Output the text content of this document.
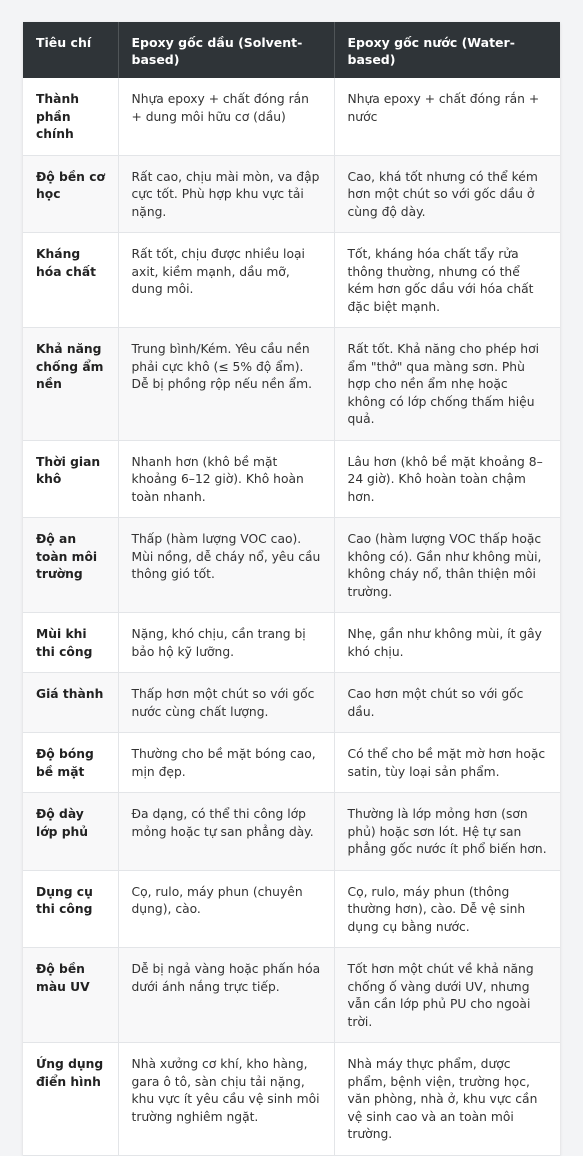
Tiêu chí	Epoxy gốc dầu (Solvent-based)	Epoxy gốc nước (Water-based)
Thành phần chính	Nhựa epoxy + chất đóng rắn + dung môi hữu cơ (dầu)	Nhựa epoxy + chất đóng rắn + nước
Độ bền cơ học	Rất cao, chịu mài mòn, va đập cực tốt. Phù hợp khu vực tải nặng.	Cao, khá tốt nhưng có thể kém hơn một chút so với gốc dầu ở cùng độ dày.
Kháng hóa chất	Rất tốt, chịu được nhiều loại axit, kiềm mạnh, dầu mỡ, dung môi.	Tốt, kháng hóa chất tẩy rửa thông thường, nhưng có thể kém hơn gốc dầu với hóa chất đặc biệt mạnh.
Khả năng chống ẩm nền	Trung bình/Kém. Yêu cầu nền phải cực khô (≤ 5% độ ẩm). Dễ bị phồng rộp nếu nền ẩm.	Rất tốt. Khả năng cho phép hơi ẩm "thở" qua màng sơn. Phù hợp cho nền ẩm nhẹ hoặc không có lớp chống thấm hiệu quả.
Thời gian khô	Nhanh hơn (khô bề mặt khoảng 6–12 giờ). Khô hoàn toàn nhanh.	Lâu hơn (khô bề mặt khoảng 8–24 giờ). Khô hoàn toàn chậm hơn.
Độ an toàn môi trường	Thấp (hàm lượng VOC cao). Mùi nồng, dễ cháy nổ, yêu cầu thông gió tốt.	Cao (hàm lượng VOC thấp hoặc không có). Gần như không mùi, không cháy nổ, thân thiện môi trường.
Mùi khi thi công	Nặng, khó chịu, cần trang bị bảo hộ kỹ lưỡng.	Nhẹ, gần như không mùi, ít gây khó chịu.
Giá thành	Thấp hơn một chút so với gốc nước cùng chất lượng.	Cao hơn một chút so với gốc dầu.
Độ bóng bề mặt	Thường cho bề mặt bóng cao, mịn đẹp.	Có thể cho bề mặt mờ hơn hoặc satin, tùy loại sản phẩm.
Độ dày lớp phủ	Đa dạng, có thể thi công lớp mỏng hoặc tự san phẳng dày.	Thường là lớp mỏng hơn (sơn phủ) hoặc sơn lót. Hệ tự san phẳng gốc nước ít phổ biến hơn.
Dụng cụ thi công	Cọ, rulo, máy phun (chuyên dụng), cào.	Cọ, rulo, máy phun (thông thường hơn), cào. Dễ vệ sinh dụng cụ bằng nước.
Độ bền màu UV	Dễ bị ngả vàng hoặc phấn hóa dưới ánh nắng trực tiếp.	Tốt hơn một chút về khả năng chống ố vàng dưới UV, nhưng vẫn cần lớp phủ PU cho ngoài trời.
Ứng dụng điển hình	Nhà xưởng cơ khí, kho hàng, gara ô tô, sàn chịu tải nặng, khu vực ít yêu cầu vệ sinh môi trường nghiêm ngặt.	Nhà máy thực phẩm, dược phẩm, bệnh viện, trường học, văn phòng, nhà ở, khu vực cần vệ sinh cao và an toàn môi trường.
